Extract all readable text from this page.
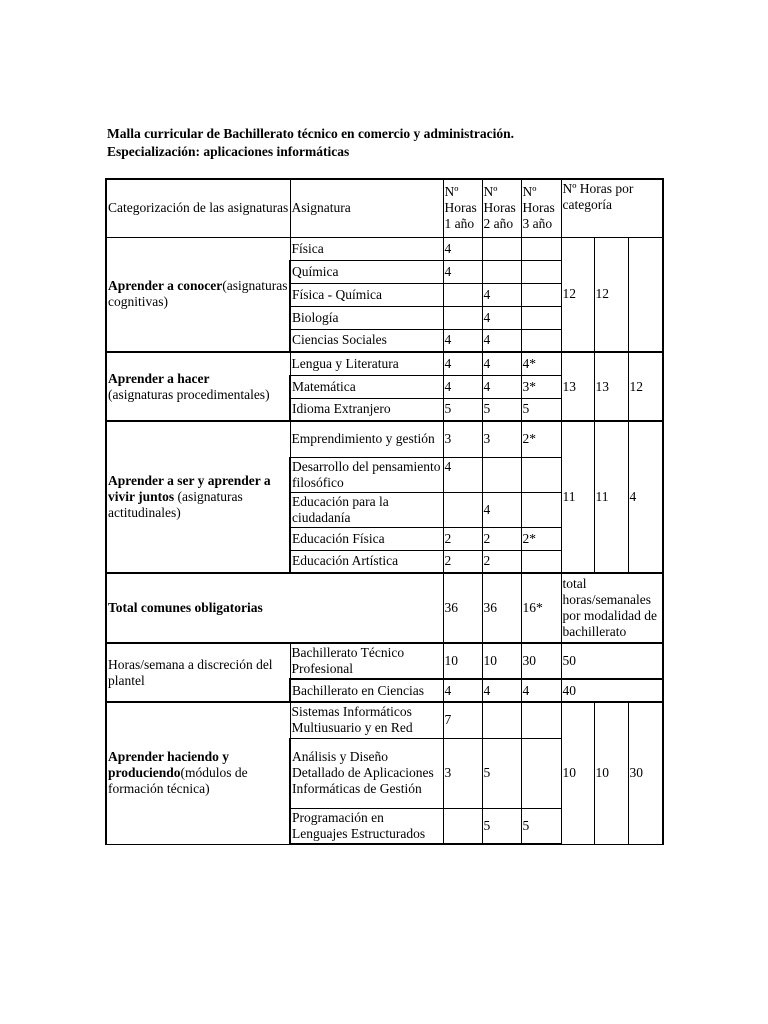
Malla curricular de Bachillerato técnico en comercio y administración.
Especialización: aplicaciones informáticas
Categorización de las asignaturas	Asignatura	Nº Horas 1 año	Nº Horas 2 año	Nº Horas 3 año	Nº Horas por categoría		
Aprender a conocer(asignaturas cognitivas)	Física	4			12	12	
	Química	4					
	Física - Química		4				
	Biología		4				
	Ciencias Sociales	4	4				
Aprender a hacer
(asignaturas procedimentales)	Lengua y Literatura	4	4	4*	13	13	12
	Matemática	4	4	3*			
	Idioma Extranjero	5	5	5			
Aprender a ser y aprender a vivir juntos (asignaturas actitudinales)	Emprendimiento y gestión	3	3	2*	11	11	4
	Desarrollo del pensamiento filosófico	4					
	Educación para la ciudadanía		4				
	Educación Física	2	2	2*			
	Educación Artística	2	2				
Total comunes obligatorias		36	36	16*	total horas/semanales por modalidad de bachillerato		
Horas/semana a discreción del plantel	Bachillerato Técnico Profesional	10	10	30	50		
	Bachillerato en Ciencias	4	4	4	40		
Aprender haciendo y produciendo(módulos de formación técnica)	Sistemas Informáticos Multiusuario y en Red	7			10	10	30
	Análisis y Diseño Detallado de Aplicaciones Informáticas de Gestión	3	5				
	Programación en Lenguajes Estructurados		5	5			
